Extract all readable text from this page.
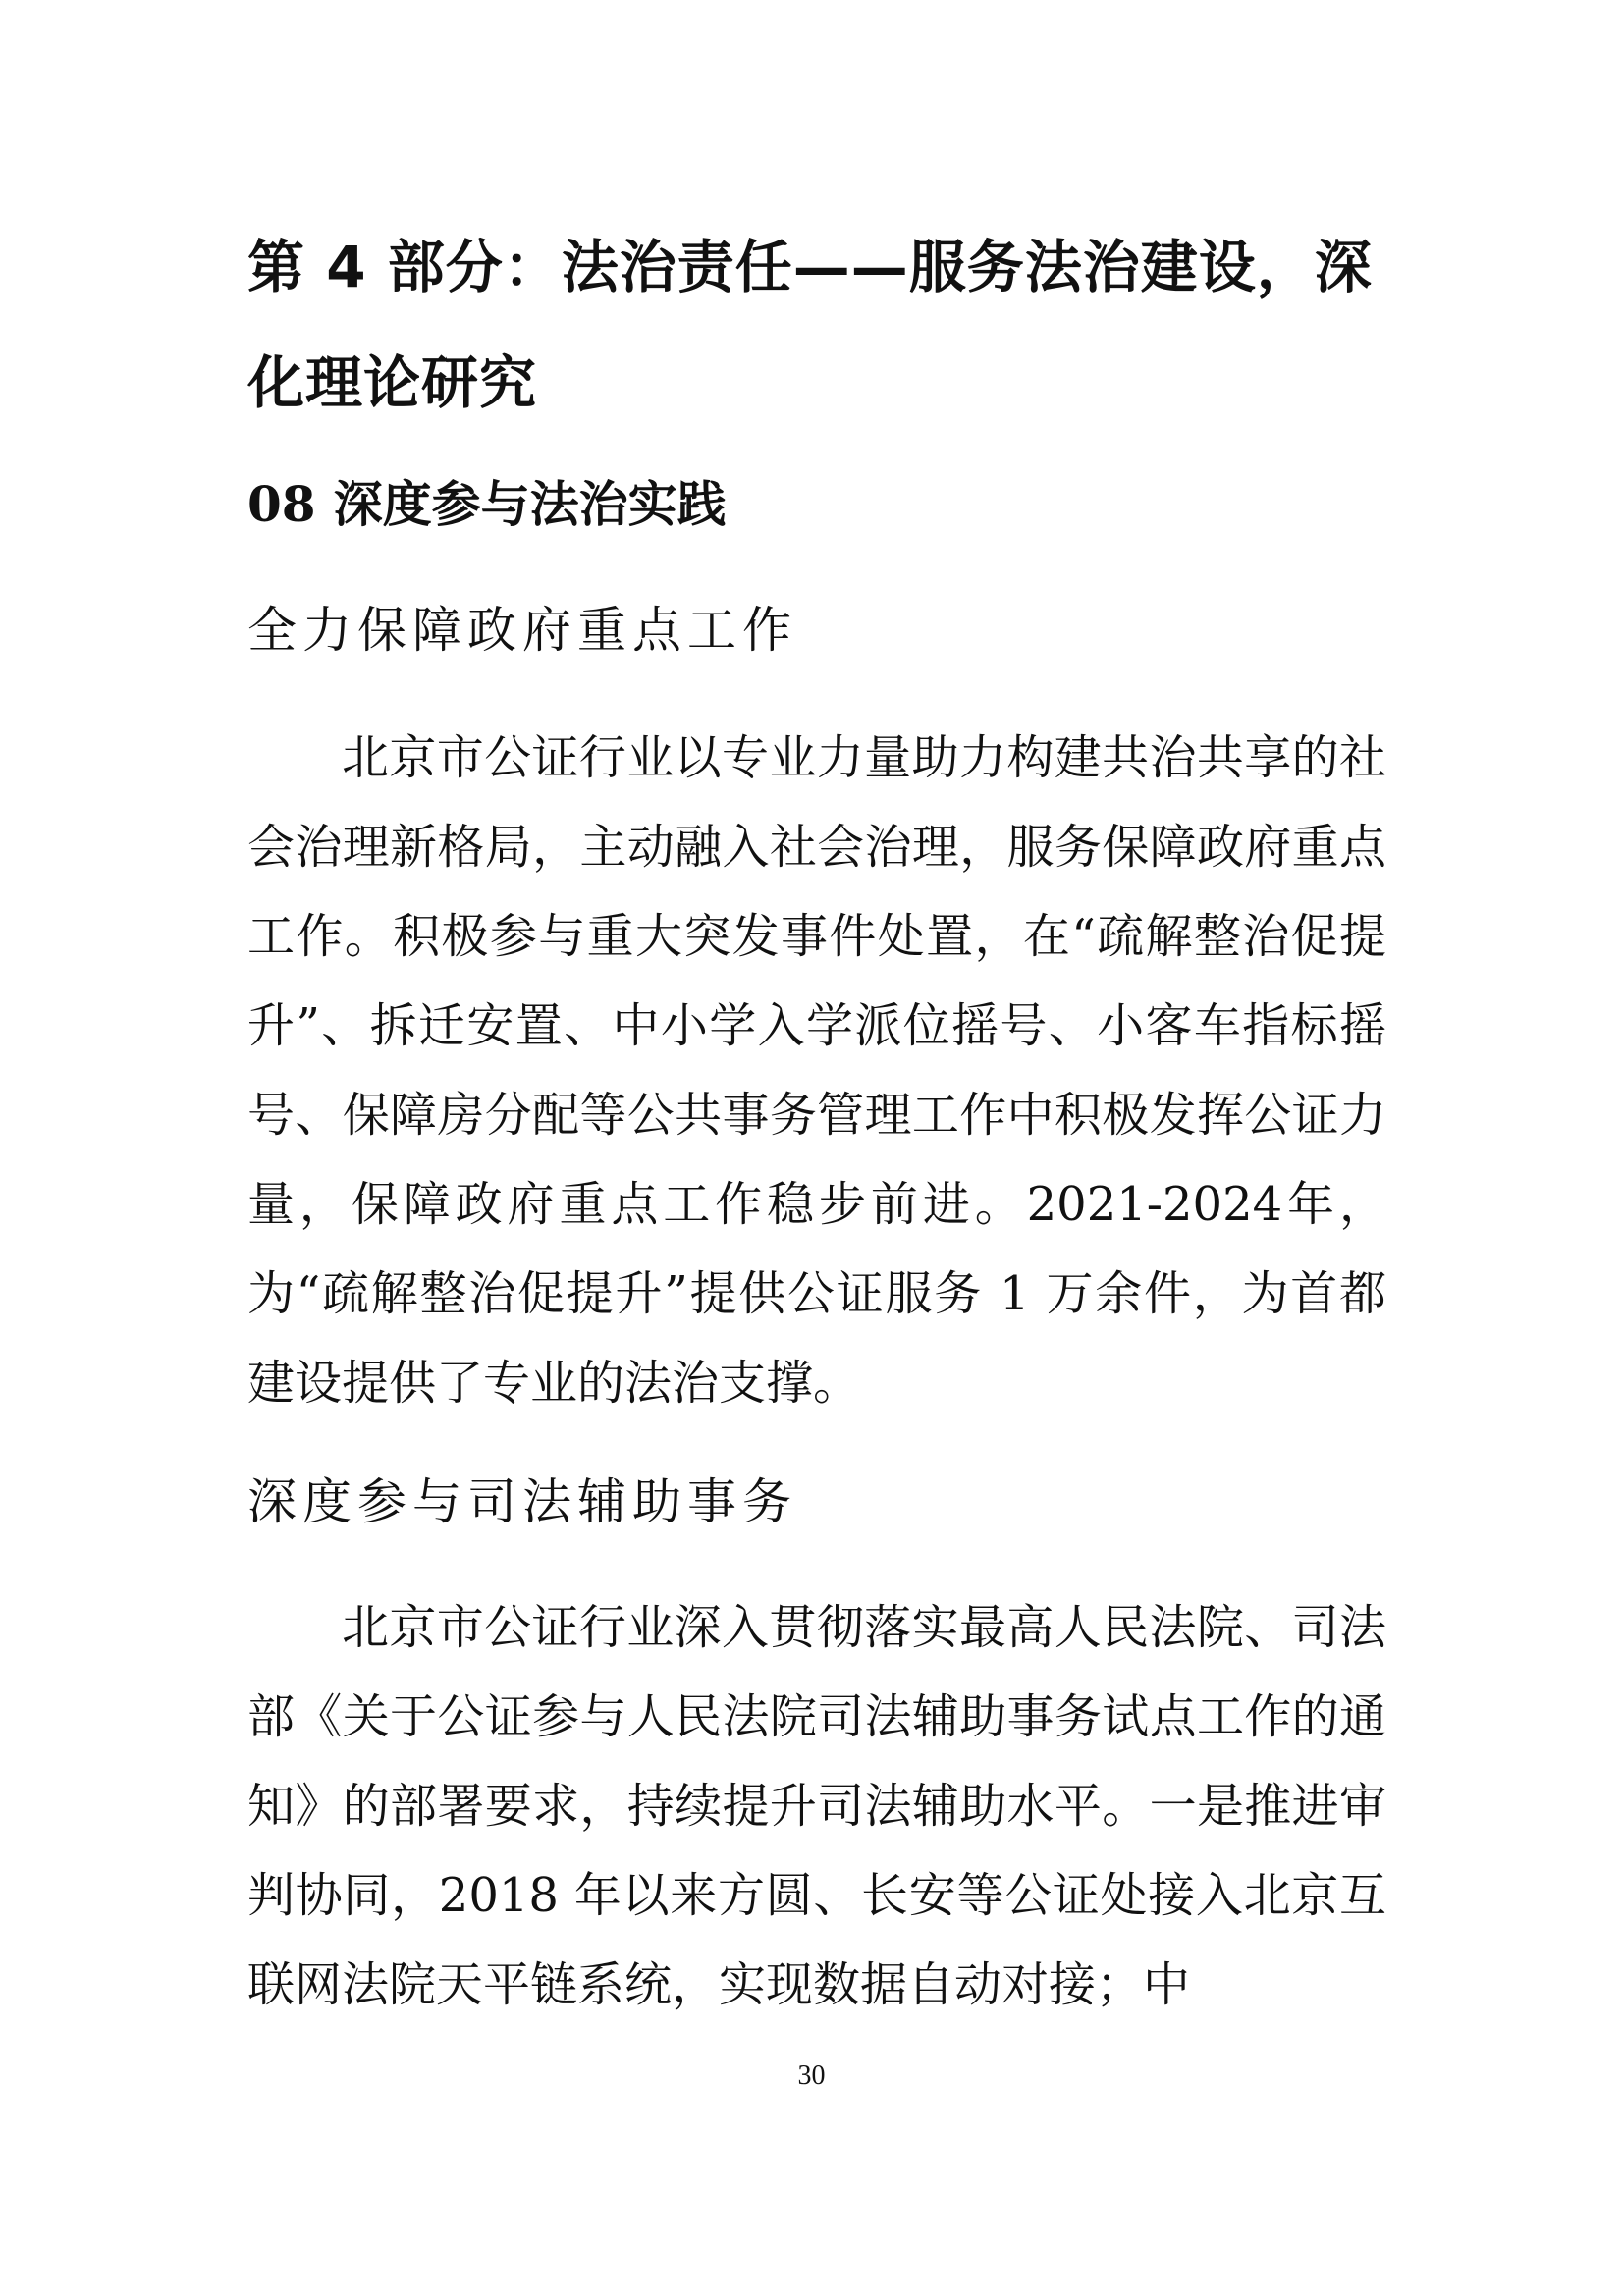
第 4 部分：法治责任——服务法治建设，深化理论研究
08 深度参与法治实践
全力保障政府重点工作

北京市公证行业以专业力量助力构建共治共享的社会治理新格局，主动融入社会治理，服务保障政府重点工作。积极参与重大突发事件处置，在“疏解整治促提升”、拆迁安置、中小学入学派位摇号、小客车指标摇号、保障房分配等公共事务管理工作中积极发挥公证力量，保障政府重点工作稳步前进。2021-2024年，为“疏解整治促提升”提供公证服务 1 万余件，为首都建设提供了专业的法治支撑。

深度参与司法辅助事务

北京市公证行业深入贯彻落实最高人民法院、司法部《关于公证参与人民法院司法辅助事务试点工作的通知》的部署要求，持续提升司法辅助水平。一是推进审判协同，2018 年以来方圆、长安等公证处接入北京互联网法院天平链系统，实现数据自动对接；中

30
